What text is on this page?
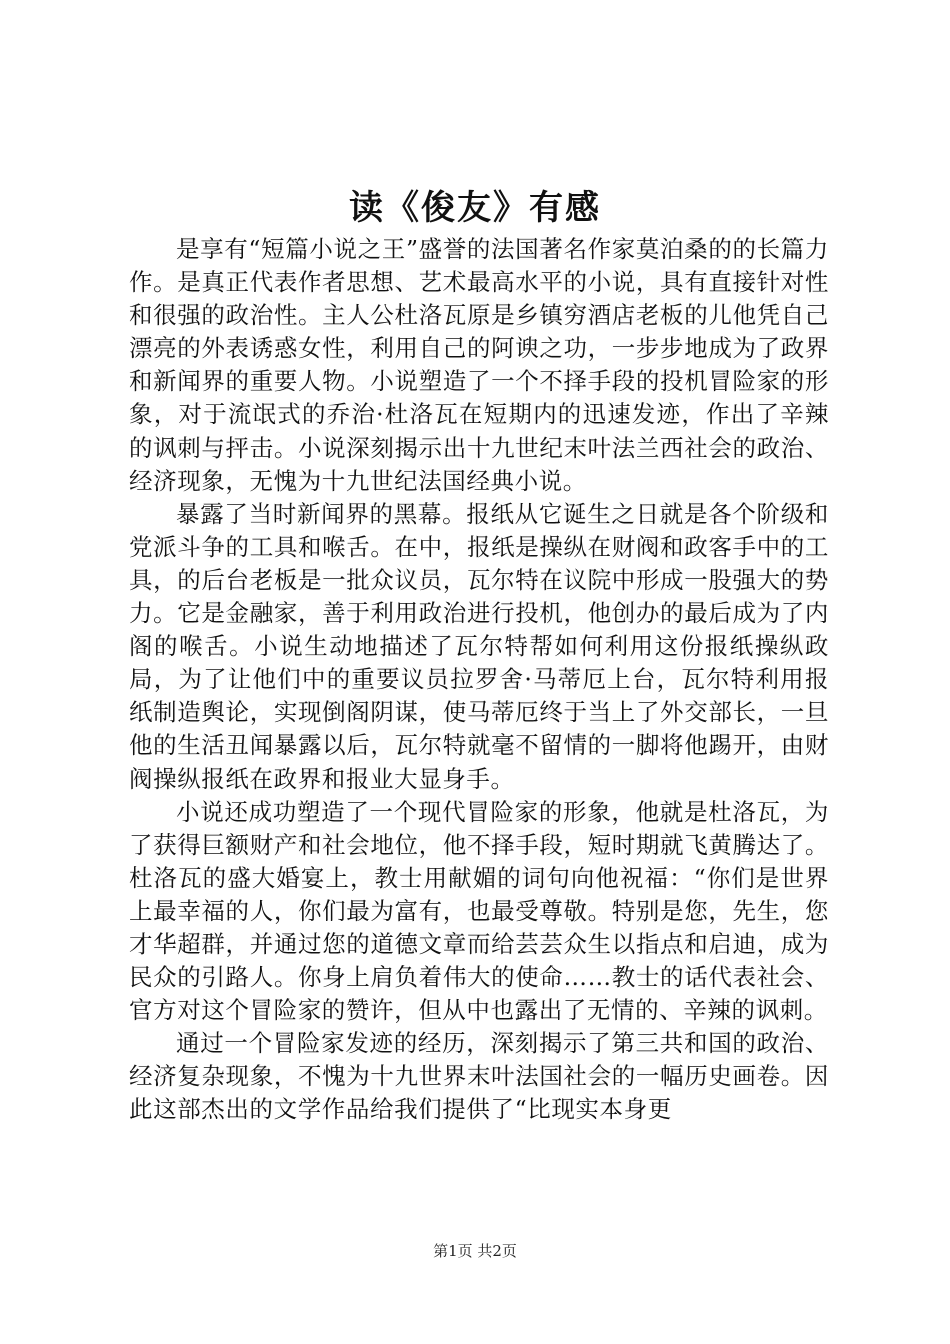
读《俊友》有感

是享有“短篇小说之王”盛誉的法国著名作家莫泊桑的的长篇力作。是真正代表作者思想、艺术最高水平的小说，具有直接针对性和很强的政治性。主人公杜洛瓦原是乡镇穷酒店老板的儿他凭自己漂亮的外表诱惑女性，利用自己的阿谀之功，一步步地成为了政界和新闻界的重要人物。小说塑造了一个不择手段的投机冒险家的形象，对于流氓式的乔治·杜洛瓦在短期内的迅速发迹，作出了辛辣的讽刺与抨击。小说深刻揭示出十九世纪末叶法兰西社会的政治、经济现象，无愧为十九世纪法国经典小说。

暴露了当时新闻界的黑幕。报纸从它诞生之日就是各个阶级和党派斗争的工具和喉舌。在中，报纸是操纵在财阀和政客手中的工具，的后台老板是一批众议员，瓦尔特在议院中形成一股强大的势力。它是金融家，善于利用政治进行投机，他创办的最后成为了内阁的喉舌。小说生动地描述了瓦尔特帮如何利用这份报纸操纵政局，为了让他们中的重要议员拉罗舍·马蒂厄上台，瓦尔特利用报纸制造舆论，实现倒阁阴谋，使马蒂厄终于当上了外交部长，一旦他的生活丑闻暴露以后，瓦尔特就毫不留情的一脚将他踢开，由财阀操纵报纸在政界和报业大显身手。

小说还成功塑造了一个现代冒险家的形象，他就是杜洛瓦，为了获得巨额财产和社会地位，他不择手段，短时期就飞黄腾达了。杜洛瓦的盛大婚宴上，教士用献媚的词句向他祝福：“你们是世界上最幸福的人，你们最为富有，也最受尊敬。特别是您，先生，您才华超群，并通过您的道德文章而给芸芸众生以指点和启迪，成为民众的引路人。你身上肩负着伟大的使命……教士的话代表社会、官方对这个冒险家的赞许，但从中也露出了无情的、辛辣的讽刺。

通过一个冒险家发迹的经历，深刻揭示了第三共和国的政治、经济复杂现象，不愧为十九世界末叶法国社会的一幅历史画卷。因此这部杰出的文学作品给我们提供了“比现实本身更

第1页 共2页
